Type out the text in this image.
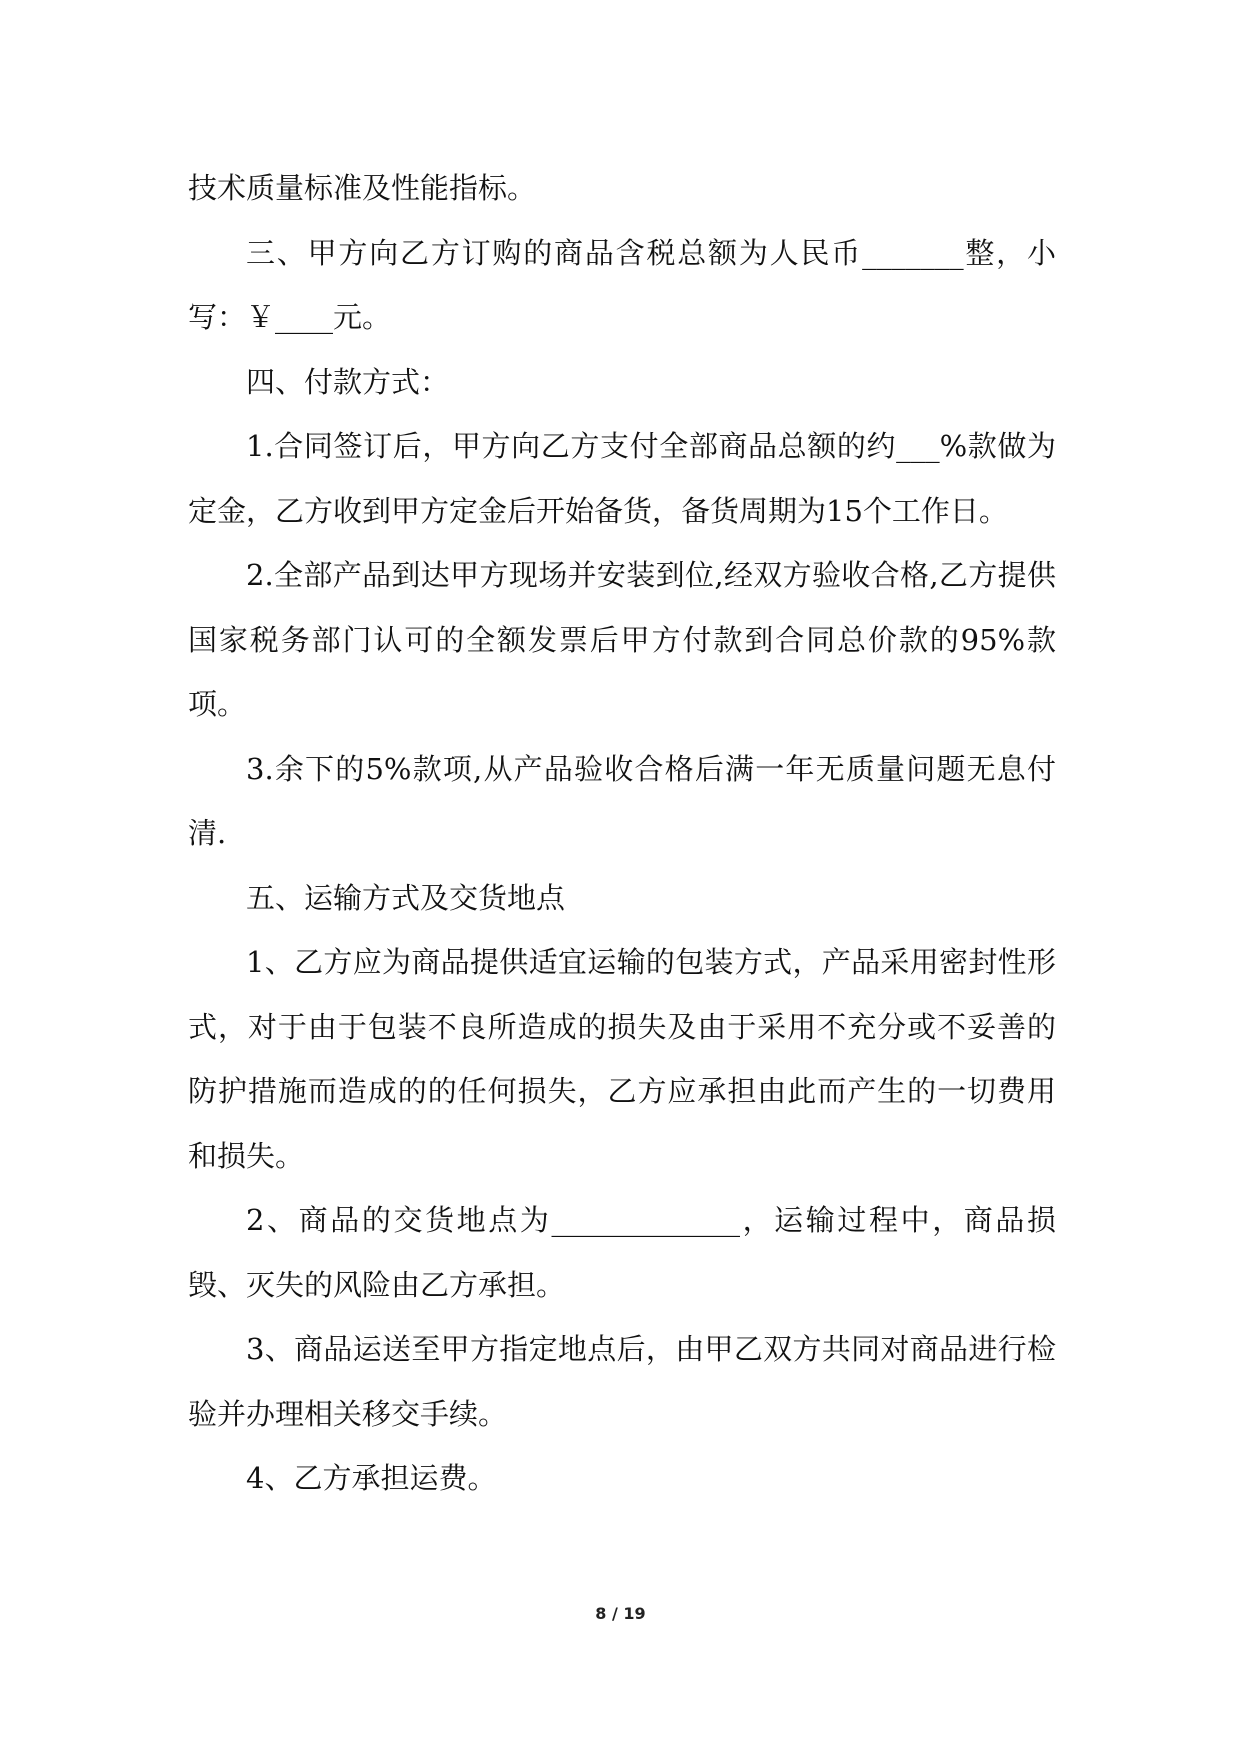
技术质量标准及性能指标。

三、甲方向乙方订购的商品含税总额为人民币_______整，小写：￥____元。

四、付款方式：

1.合同签订后，甲方向乙方支付全部商品总额的约___%款做为定金，乙方收到甲方定金后开始备货，备货周期为15个工作日。

2.全部产品到达甲方现场并安装到位,经双方验收合格,乙方提供国家税务部门认可的全额发票后甲方付款到合同总价款的95%款项。

3.余下的5%款项,从产品验收合格后满一年无质量问题无息付清.

五、运输方式及交货地点

1、乙方应为商品提供适宜运输的包装方式，产品采用密封性形式，对于由于包装不良所造成的损失及由于采用不充分或不妥善的防护措施而造成的的任何损失，乙方应承担由此而产生的一切费用和损失。

2、商品的交货地点为_____________，运输过程中，商品损毁、灭失的风险由乙方承担。

3、商品运送至甲方指定地点后，由甲乙双方共同对商品进行检验并办理相关移交手续。

4、乙方承担运费。

8 / 19
